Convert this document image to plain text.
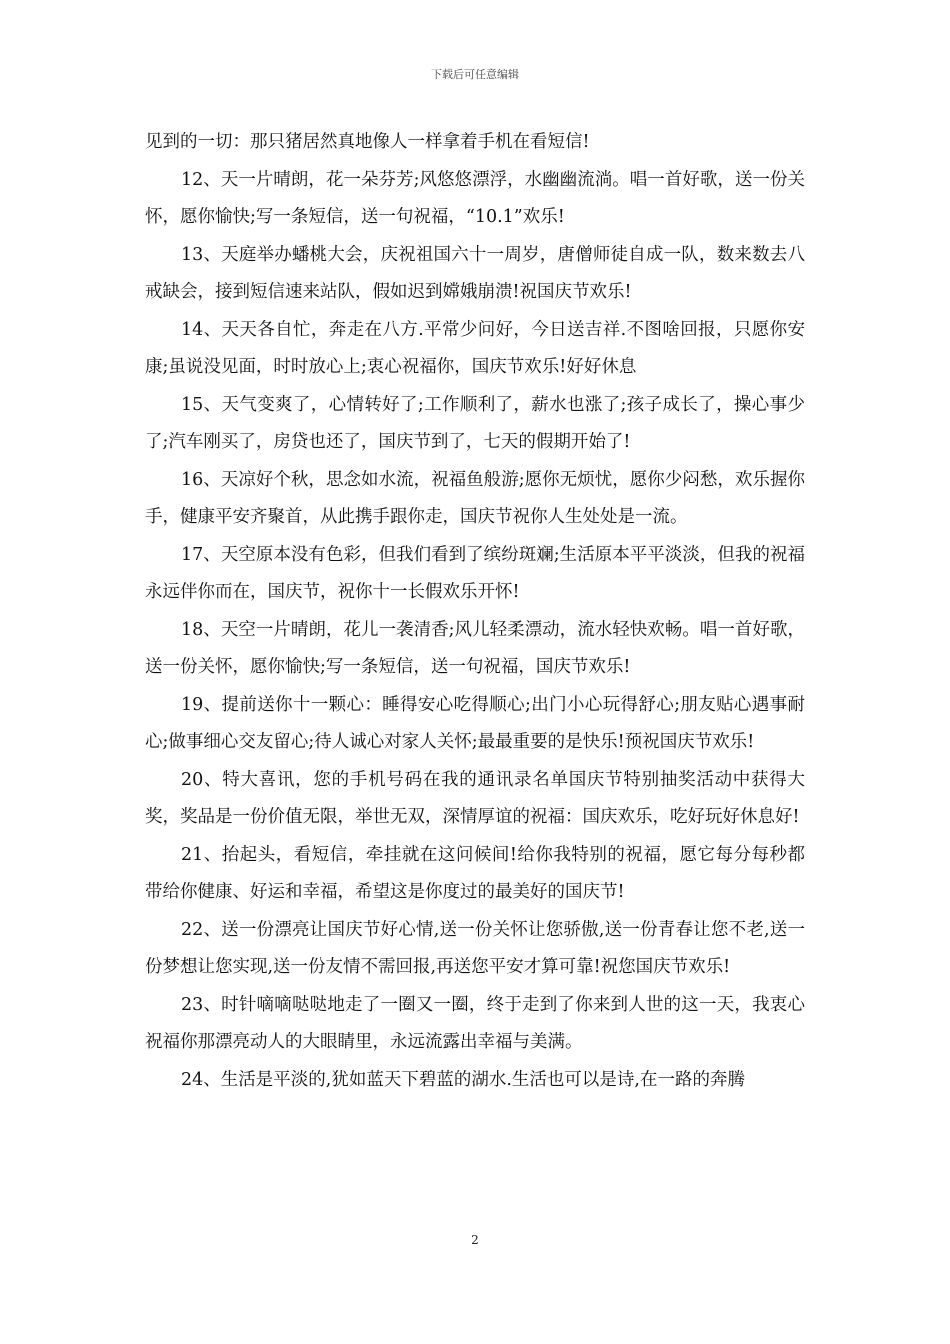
下载后可任意编辑

见到的一切：那只猪居然真地像人一样拿着手机在看短信!

12、天一片晴朗，花一朵芬芳;风悠悠漂浮，水幽幽流淌。唱一首好歌，送一份关怀，愿你愉快;写一条短信，送一句祝福，“10.1”欢乐!

13、天庭举办蟠桃大会，庆祝祖国六十一周岁，唐僧师徒自成一队，数来数去八戒缺会，接到短信速来站队，假如迟到嫦娥崩溃!祝国庆节欢乐!

14、天天各自忙，奔走在八方.平常少问好，今日送吉祥.不图啥回报，只愿你安康;虽说没见面，时时放心上;衷心祝福你，国庆节欢乐!好好休息

15、天气变爽了，心情转好了;工作顺利了，薪水也涨了;孩子成长了，操心事少了;汽车刚买了，房贷也还了，国庆节到了，七天的假期开始了!

16、天凉好个秋，思念如水流，祝福鱼般游;愿你无烦忧，愿你少闷愁，欢乐握你手，健康平安齐聚首，从此携手跟你走，国庆节祝你人生处处是一流。

17、天空原本没有色彩，但我们看到了缤纷斑斓;生活原本平平淡淡，但我的祝福永远伴你而在，国庆节，祝你十一长假欢乐开怀!

18、天空一片晴朗，花儿一袭清香;风儿轻柔漂动，流水轻快欢畅。唱一首好歌，送一份关怀，愿你愉快;写一条短信，送一句祝福，国庆节欢乐!

19、提前送你十一颗心：睡得安心吃得顺心;出门小心玩得舒心;朋友贴心遇事耐心;做事细心交友留心;待人诚心对家人关怀;最最重要的是快乐!预祝国庆节欢乐!

20、特大喜讯，您的手机号码在我的通讯录名单国庆节特别抽奖活动中获得大奖，奖品是一份价值无限，举世无双，深情厚谊的祝福：国庆欢乐，吃好玩好休息好!

21、抬起头，看短信，牵挂就在这问候间!给你我特别的祝福，愿它每分每秒都带给你健康、好运和幸福，希望这是你度过的最美好的国庆节!

22、送一份漂亮让国庆节好心情,送一份关怀让您骄傲,送一份青春让您不老,送一份梦想让您实现,送一份友情不需回报,再送您平安才算可靠!祝您国庆节欢乐!

23、时针嘀嘀哒哒地走了一圈又一圈，终于走到了你来到人世的这一天，我衷心祝福你那漂亮动人的大眼睛里，永远流露出幸福与美满。

24、生活是平淡的,犹如蓝天下碧蓝的湖水.生活也可以是诗,在一路的奔腾

2
